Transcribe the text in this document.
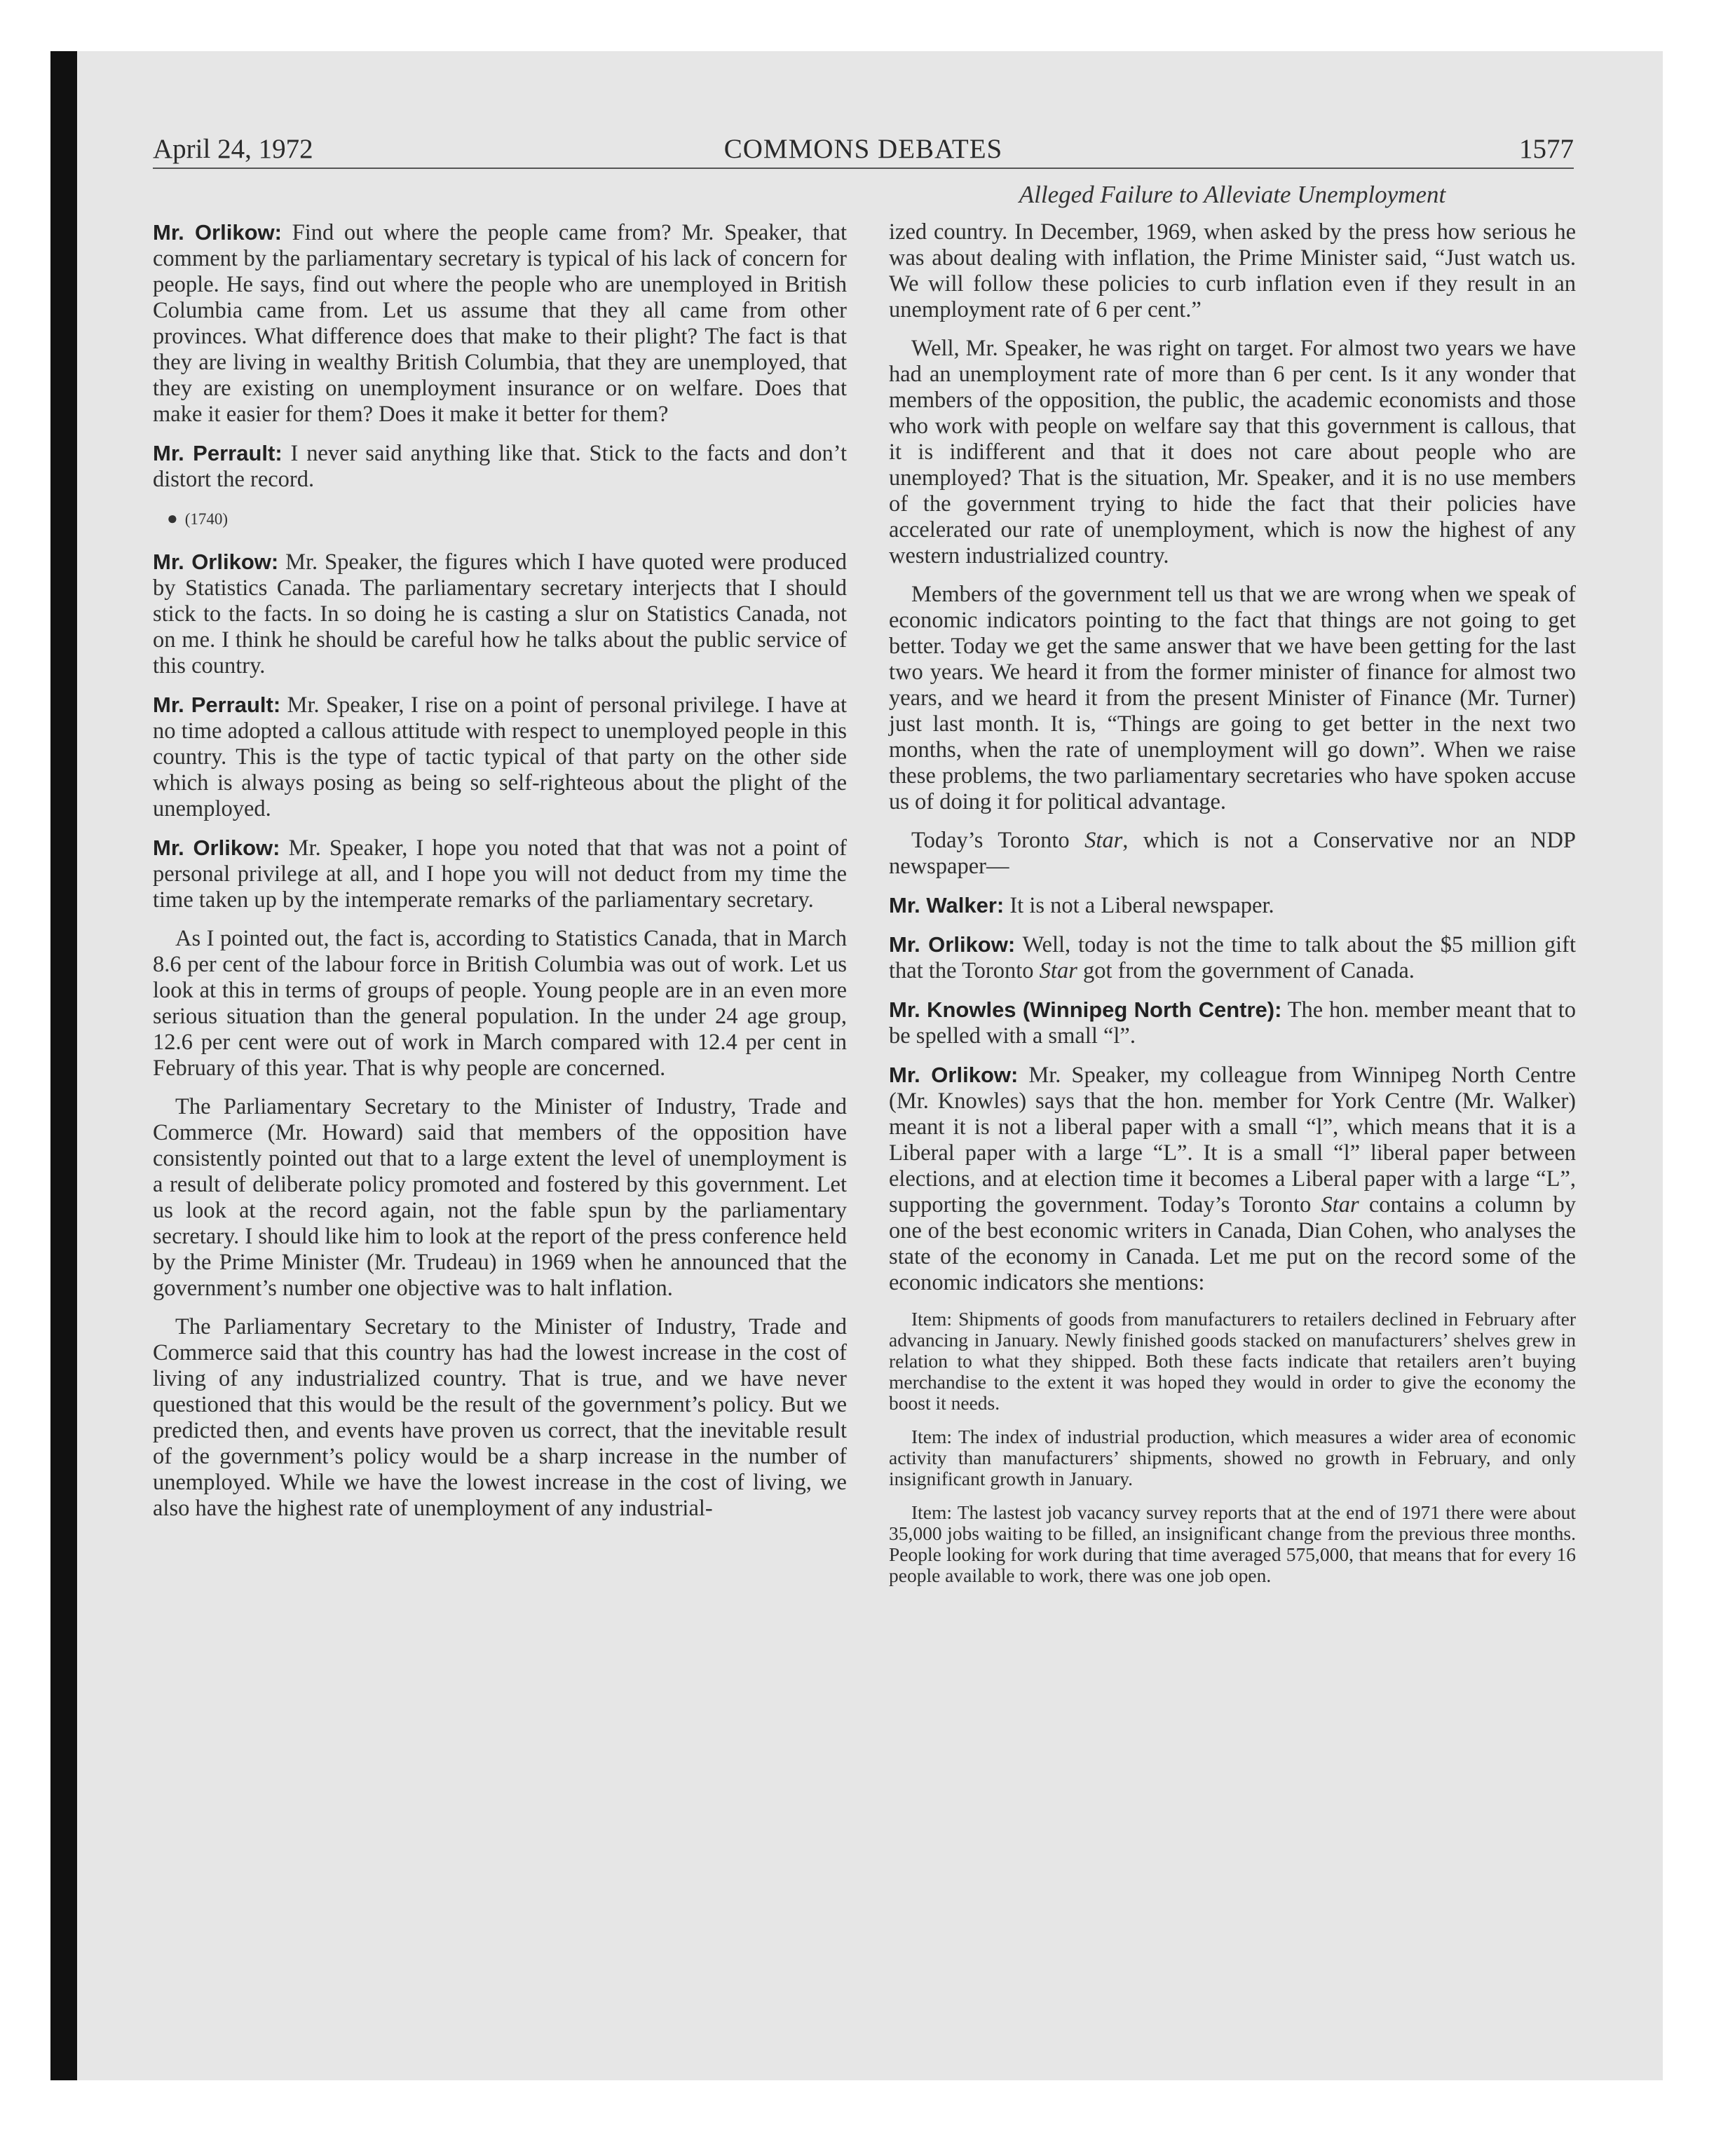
April 24, 1972	COMMONS DEBATES	1577
Alleged Failure to Alleviate Unemployment

Mr. Orlikow: Find out where the people came from? Mr. Speaker, that comment by the parliamentary secretary is typical of his lack of concern for people. He says, find out where the people who are unemployed in British Columbia came from. Let us assume that they all came from other provinces. What difference does that make to their plight? The fact is that they are living in wealthy British Columbia, that they are unemployed, that they are existing on unemployment insurance or on welfare. Does that make it easier for them? Does it make it better for them?

Mr. Perrault: I never said anything like that. Stick to the facts and don’t distort the record.

● (1740)

Mr. Orlikow: Mr. Speaker, the figures which I have quoted were produced by Statistics Canada. The parliamentary secretary interjects that I should stick to the facts. In so doing he is casting a slur on Statistics Canada, not on me. I think he should be careful how he talks about the public service of this country.

Mr. Perrault: Mr. Speaker, I rise on a point of personal privilege. I have at no time adopted a callous attitude with respect to unemployed people in this country. This is the type of tactic typical of that party on the other side which is always posing as being so self-righteous about the plight of the unemployed.

Mr. Orlikow: Mr. Speaker, I hope you noted that that was not a point of personal privilege at all, and I hope you will not deduct from my time the time taken up by the intemperate remarks of the parliamentary secretary.

As I pointed out, the fact is, according to Statistics Canada, that in March 8.6 per cent of the labour force in British Columbia was out of work. Let us look at this in terms of groups of people. Young people are in an even more serious situation than the general population. In the under 24 age group, 12.6 per cent were out of work in March compared with 12.4 per cent in February of this year. That is why people are concerned.

The Parliamentary Secretary to the Minister of Industry, Trade and Commerce (Mr. Howard) said that members of the opposition have consistently pointed out that to a large extent the level of unemployment is a result of deliberate policy promoted and fostered by this government. Let us look at the record again, not the fable spun by the parliamentary secretary. I should like him to look at the report of the press conference held by the Prime Minister (Mr. Trudeau) in 1969 when he announced that the government’s number one objective was to halt inflation.

The Parliamentary Secretary to the Minister of Industry, Trade and Commerce said that this country has had the lowest increase in the cost of living of any industrialized country. That is true, and we have never questioned that this would be the result of the government’s policy. But we predicted then, and events have proven us correct, that the inevitable result of the government’s policy would be a sharp increase in the number of unemployed. While we have the lowest increase in the cost of living, we also have the highest rate of unemployment of any industrial-

ized country. In December, 1969, when asked by the press how serious he was about dealing with inflation, the Prime Minister said, “Just watch us. We will follow these policies to curb inflation even if they result in an unemployment rate of 6 per cent.”

Well, Mr. Speaker, he was right on target. For almost two years we have had an unemployment rate of more than 6 per cent. Is it any wonder that members of the opposition, the public, the academic economists and those who work with people on welfare say that this government is callous, that it is indifferent and that it does not care about people who are unemployed? That is the situation, Mr. Speaker, and it is no use members of the government trying to hide the fact that their policies have accelerated our rate of unemployment, which is now the highest of any western industrialized country.

Members of the government tell us that we are wrong when we speak of economic indicators pointing to the fact that things are not going to get better. Today we get the same answer that we have been getting for the last two years. We heard it from the former minister of finance for almost two years, and we heard it from the present Minister of Finance (Mr. Turner) just last month. It is, “Things are going to get better in the next two months, when the rate of unemployment will go down”. When we raise these problems, the two parliamentary secretaries who have spoken accuse us of doing it for political advantage.

Today’s Toronto Star, which is not a Conservative nor an NDP newspaper—

Mr. Walker: It is not a Liberal newspaper.

Mr. Orlikow: Well, today is not the time to talk about the $5 million gift that the Toronto Star got from the government of Canada.

Mr. Knowles (Winnipeg North Centre): The hon. member meant that to be spelled with a small “l”.

Mr. Orlikow: Mr. Speaker, my colleague from Winnipeg North Centre (Mr. Knowles) says that the hon. member for York Centre (Mr. Walker) meant it is not a liberal paper with a small “l”, which means that it is a Liberal paper with a large “L”. It is a small “l” liberal paper between elections, and at election time it becomes a Liberal paper with a large “L”, supporting the government. Today’s Toronto Star contains a column by one of the best economic writers in Canada, Dian Cohen, who analyses the state of the economy in Canada. Let me put on the record some of the economic indicators she mentions:

Item: Shipments of goods from manufacturers to retailers declined in February after advancing in January. Newly finished goods stacked on manufacturers’ shelves grew in relation to what they shipped. Both these facts indicate that retailers aren’t buying merchandise to the extent it was hoped they would in order to give the economy the boost it needs.

Item: The index of industrial production, which measures a wider area of economic activity than manufacturers’ shipments, showed no growth in February, and only insignificant growth in January.

Item: The lastest job vacancy survey reports that at the end of 1971 there were about 35,000 jobs waiting to be filled, an insignificant change from the previous three months. People looking for work during that time averaged 575,000, that means that for every 16 people available to work, there was one job open.
